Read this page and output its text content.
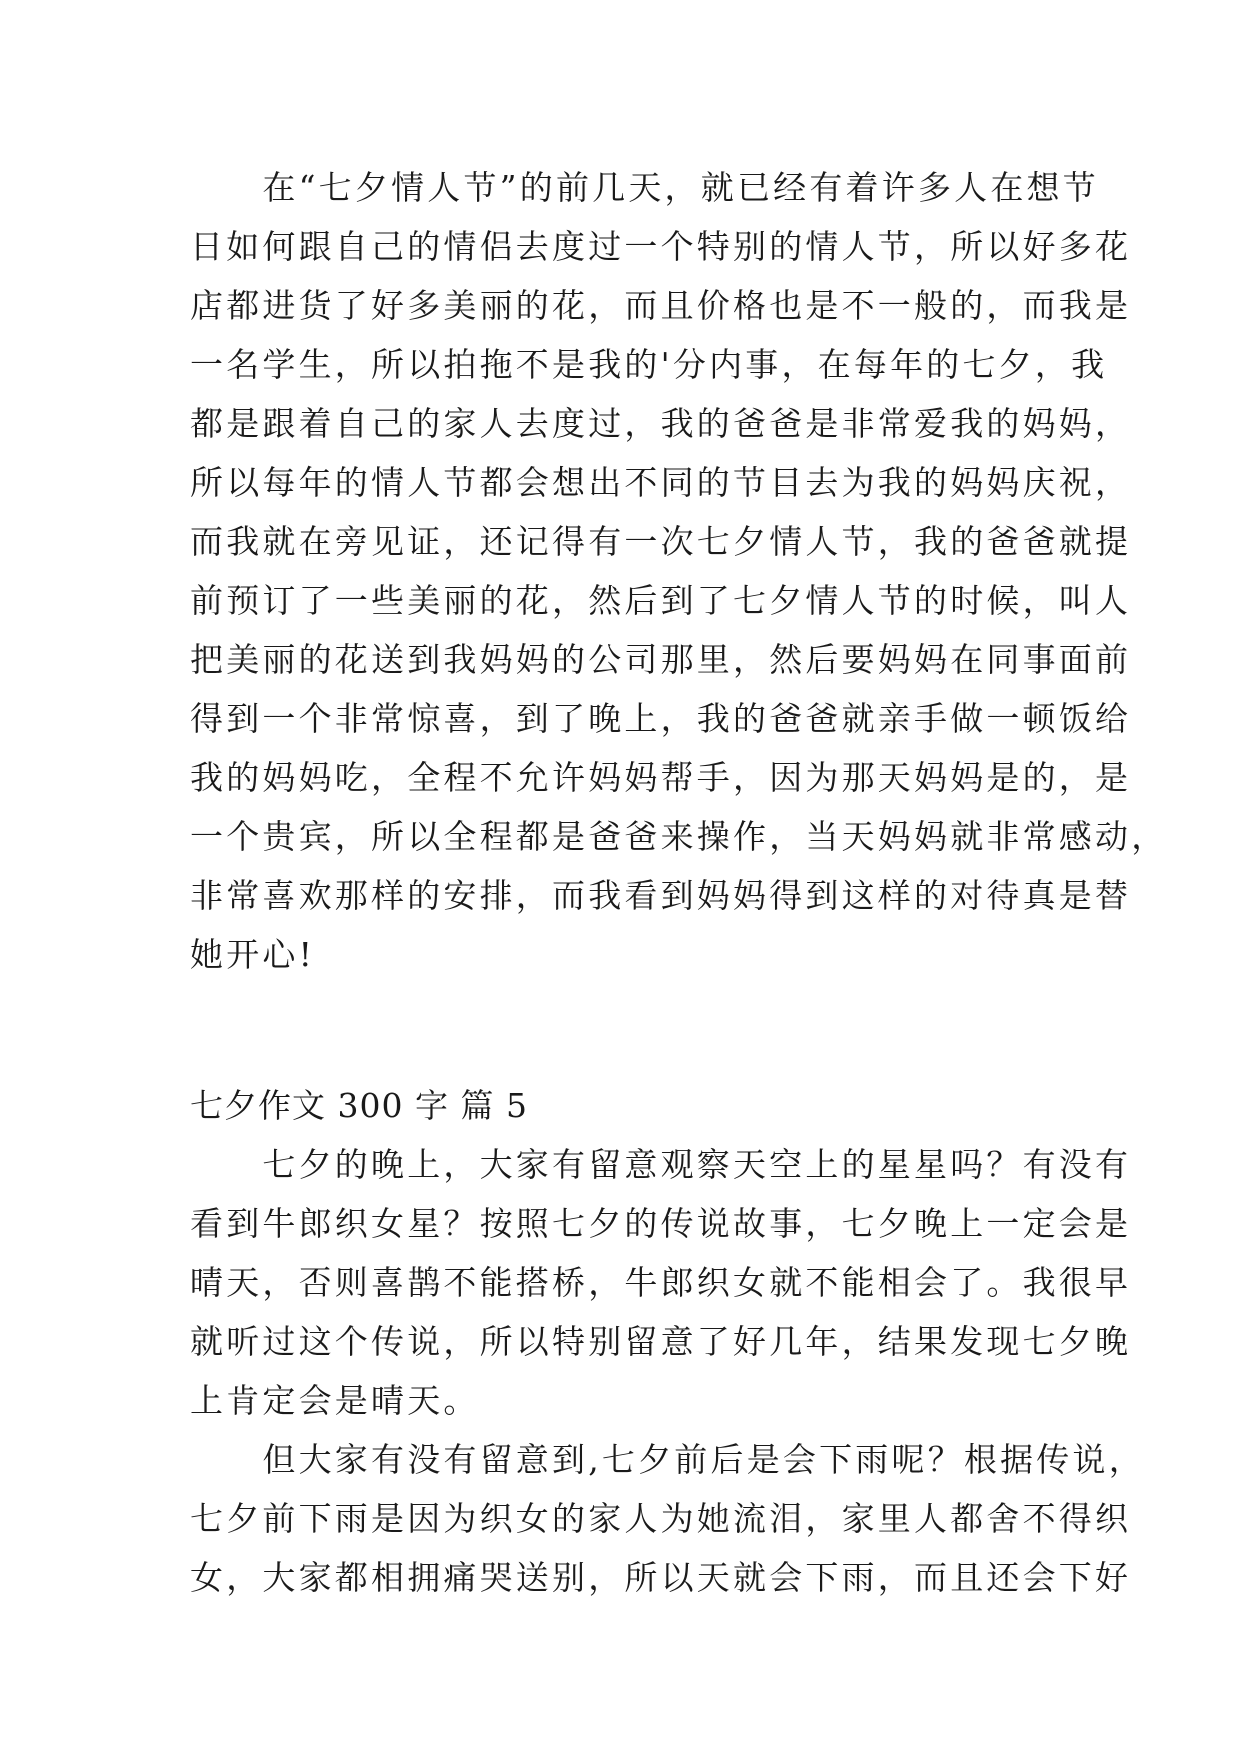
　　在“七夕情人节”的前几天，就已经有着许多人在想节
日如何跟自己的情侣去度过一个特别的情人节，所以好多花
店都进货了好多美丽的花，而且价格也是不一般的，而我是
一名学生，所以拍拖不是我的'分内事，在每年的七夕，我
都是跟着自己的家人去度过，我的爸爸是非常爱我的妈妈，
所以每年的情人节都会想出不同的节目去为我的妈妈庆祝，
而我就在旁见证，还记得有一次七夕情人节，我的爸爸就提
前预订了一些美丽的花，然后到了七夕情人节的时候，叫人
把美丽的花送到我妈妈的公司那里，然后要妈妈在同事面前
得到一个非常惊喜，到了晚上，我的爸爸就亲手做一顿饭给
我的妈妈吃，全程不允许妈妈帮手，因为那天妈妈是的，是
一个贵宾，所以全程都是爸爸来操作，当天妈妈就非常感动，
非常喜欢那样的安排，而我看到妈妈得到这样的对待真是替
她开心!
七夕作文 300 字 篇 5
　　七夕的晚上，大家有留意观察天空上的星星吗？有没有
看到牛郎织女星？按照七夕的传说故事，七夕晚上一定会是
晴天，否则喜鹊不能搭桥，牛郎织女就不能相会了。我很早
就听过这个传说，所以特别留意了好几年，结果发现七夕晚
上肯定会是晴天。
　　但大家有没有留意到,七夕前后是会下雨呢？根据传说，
七夕前下雨是因为织女的家人为她流泪，家里人都舍不得织
女，大家都相拥痛哭送别，所以天就会下雨，而且还会下好
